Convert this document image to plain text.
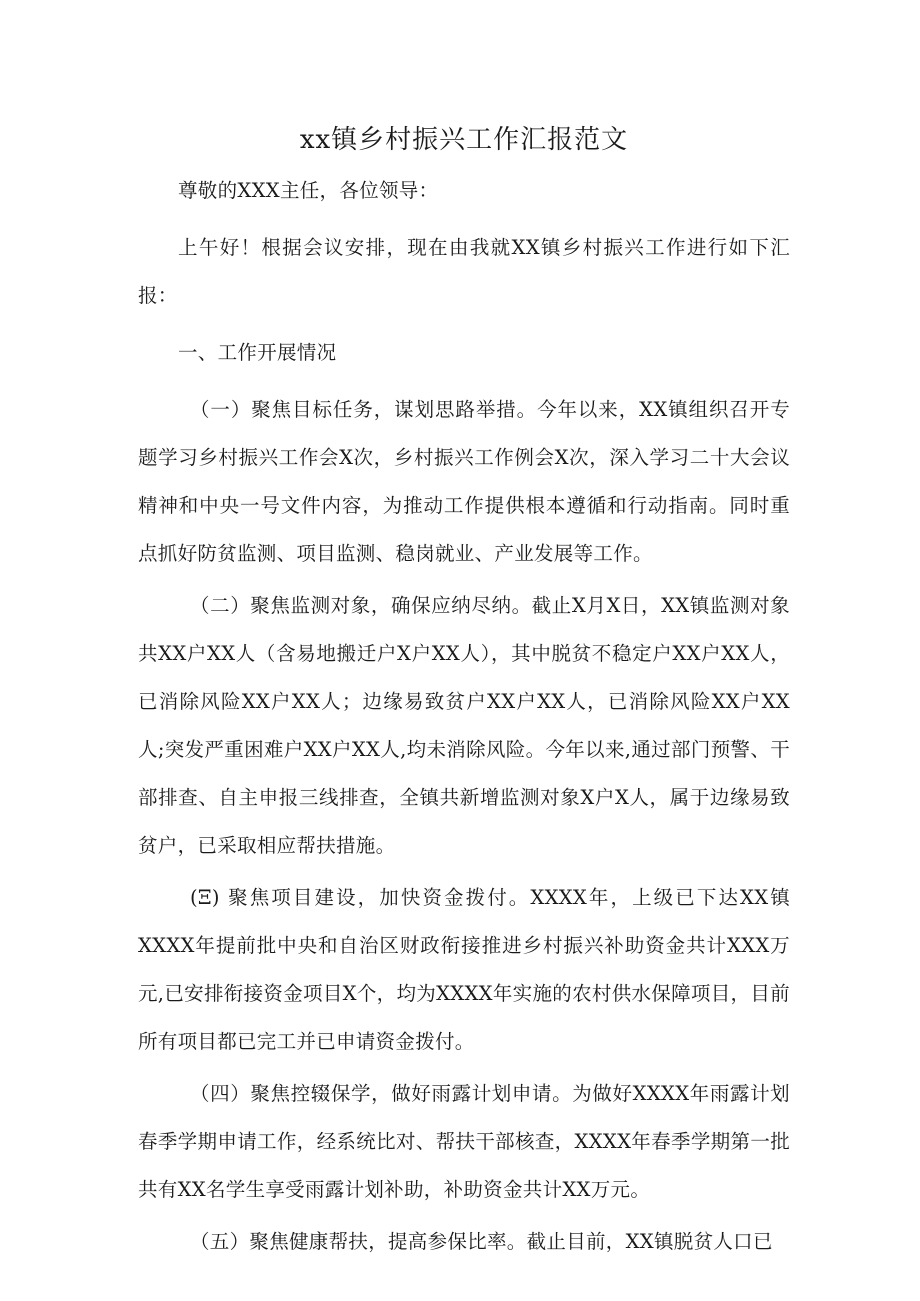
xx镇乡村振兴工作汇报范文

尊敬的XXX主任，各位领导：

上午好！根据会议安排，现在由我就XX镇乡村振兴工作进行如下汇报：

一、工作开展情况

（一）聚焦目标任务，谋划思路举措。今年以来，XX镇组织召开专题学习乡村振兴工作会X次，乡村振兴工作例会X次，深入学习二十大会议精神和中央一号文件内容，为推动工作提供根本遵循和行动指南。同时重点抓好防贫监测、项目监测、稳岗就业、产业发展等工作。

（二）聚焦监测对象，确保应纳尽纳。截止X月X日，XX镇监测对象共XX户XX人（含易地搬迁户X户XX人），其中脱贫不稳定户XX户XX人，已消除风险XX户XX人；边缘易致贫户XX户XX人，已消除风险XX户XX人;突发严重困难户XX户XX人,均未消除风险。今年以来,通过部门预警、干部排查、自主申报三线排查，全镇共新增监测对象X户X人，属于边缘易致贫户，已采取相应帮扶措施。

(Ξ) 聚焦项目建设，加快资金拨付。XXXX年，上级已下达XX镇XXXX年提前批中央和自治区财政衔接推进乡村振兴补助资金共计XXX万元,已安排衔接资金项目X个，均为XXXX年实施的农村供水保障项目，目前所有项目都已完工并已申请资金拨付。

（四）聚焦控辍保学，做好雨露计划申请。为做好XXXX年雨露计划春季学期申请工作，经系统比对、帮扶干部核查，XXXX年春季学期第一批共有XX名学生享受雨露计划补助，补助资金共计XX万元。

（五）聚焦健康帮扶，提高参保比率。截止目前，XX镇脱贫人口已
